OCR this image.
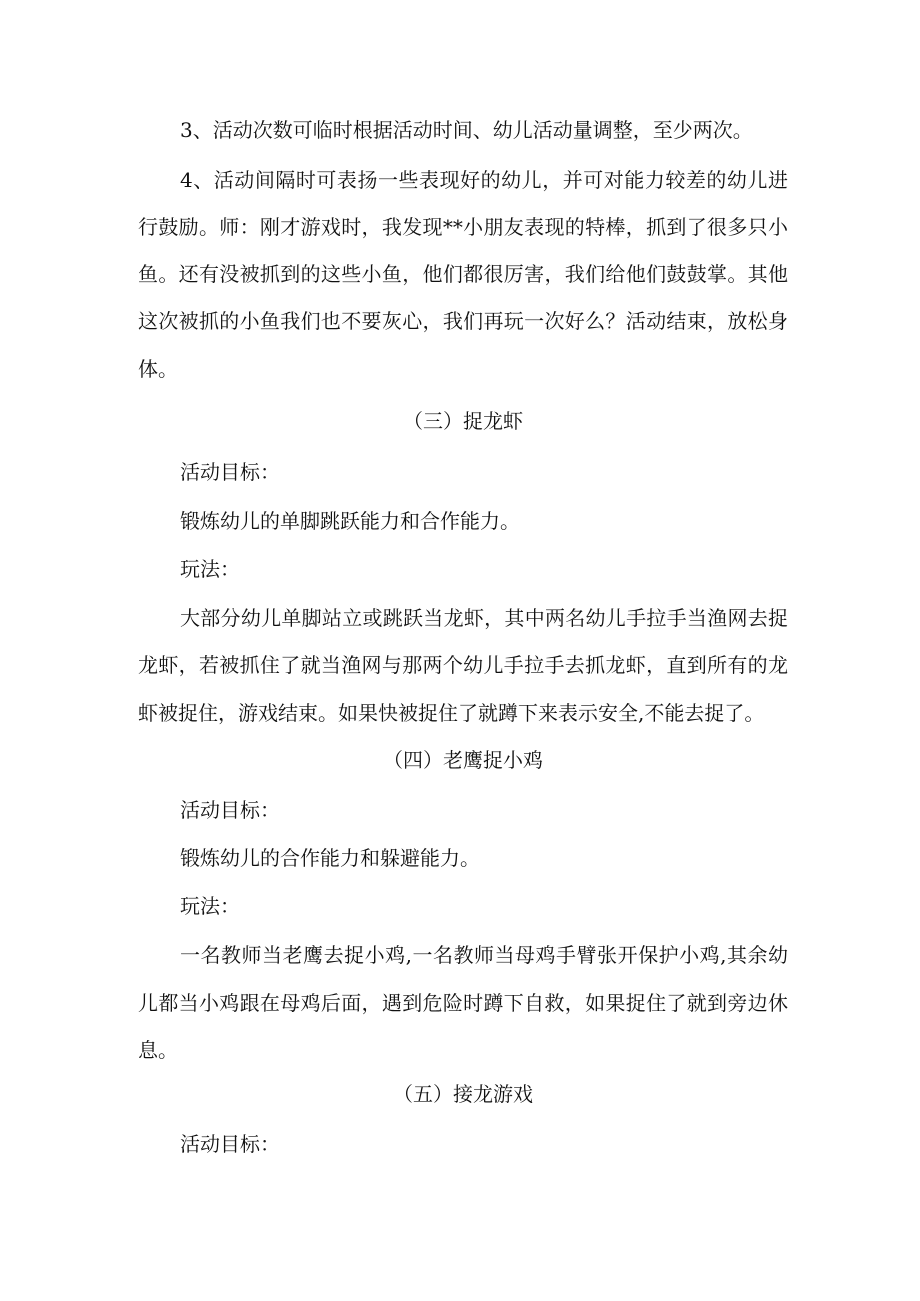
3、活动次数可临时根据活动时间、幼儿活动量调整，至少两次。
4、活动间隔时可表扬一些表现好的幼儿，并可对能力较差的幼儿进
行鼓励。师：刚才游戏时，我发现**小朋友表现的特棒，抓到了很多只小
鱼。还有没被抓到的这些小鱼，他们都很厉害，我们给他们鼓鼓掌。其他
这次被抓的小鱼我们也不要灰心，我们再玩一次好么？活动结束，放松身
体。
（三）捉龙虾
活动目标：
锻炼幼儿的单脚跳跃能力和合作能力。
玩法：
大部分幼儿单脚站立或跳跃当龙虾，其中两名幼儿手拉手当渔网去捉
龙虾，若被抓住了就当渔网与那两个幼儿手拉手去抓龙虾，直到所有的龙
虾被捉住，游戏结束。如果快被捉住了就蹲下来表示安全,不能去捉了。
（四）老鹰捉小鸡
活动目标：
锻炼幼儿的合作能力和躲避能力。
玩法：
一名教师当老鹰去捉小鸡,一名教师当母鸡手臂张开保护小鸡,其余幼
儿都当小鸡跟在母鸡后面，遇到危险时蹲下自救，如果捉住了就到旁边休
息。
（五）接龙游戏
活动目标：
